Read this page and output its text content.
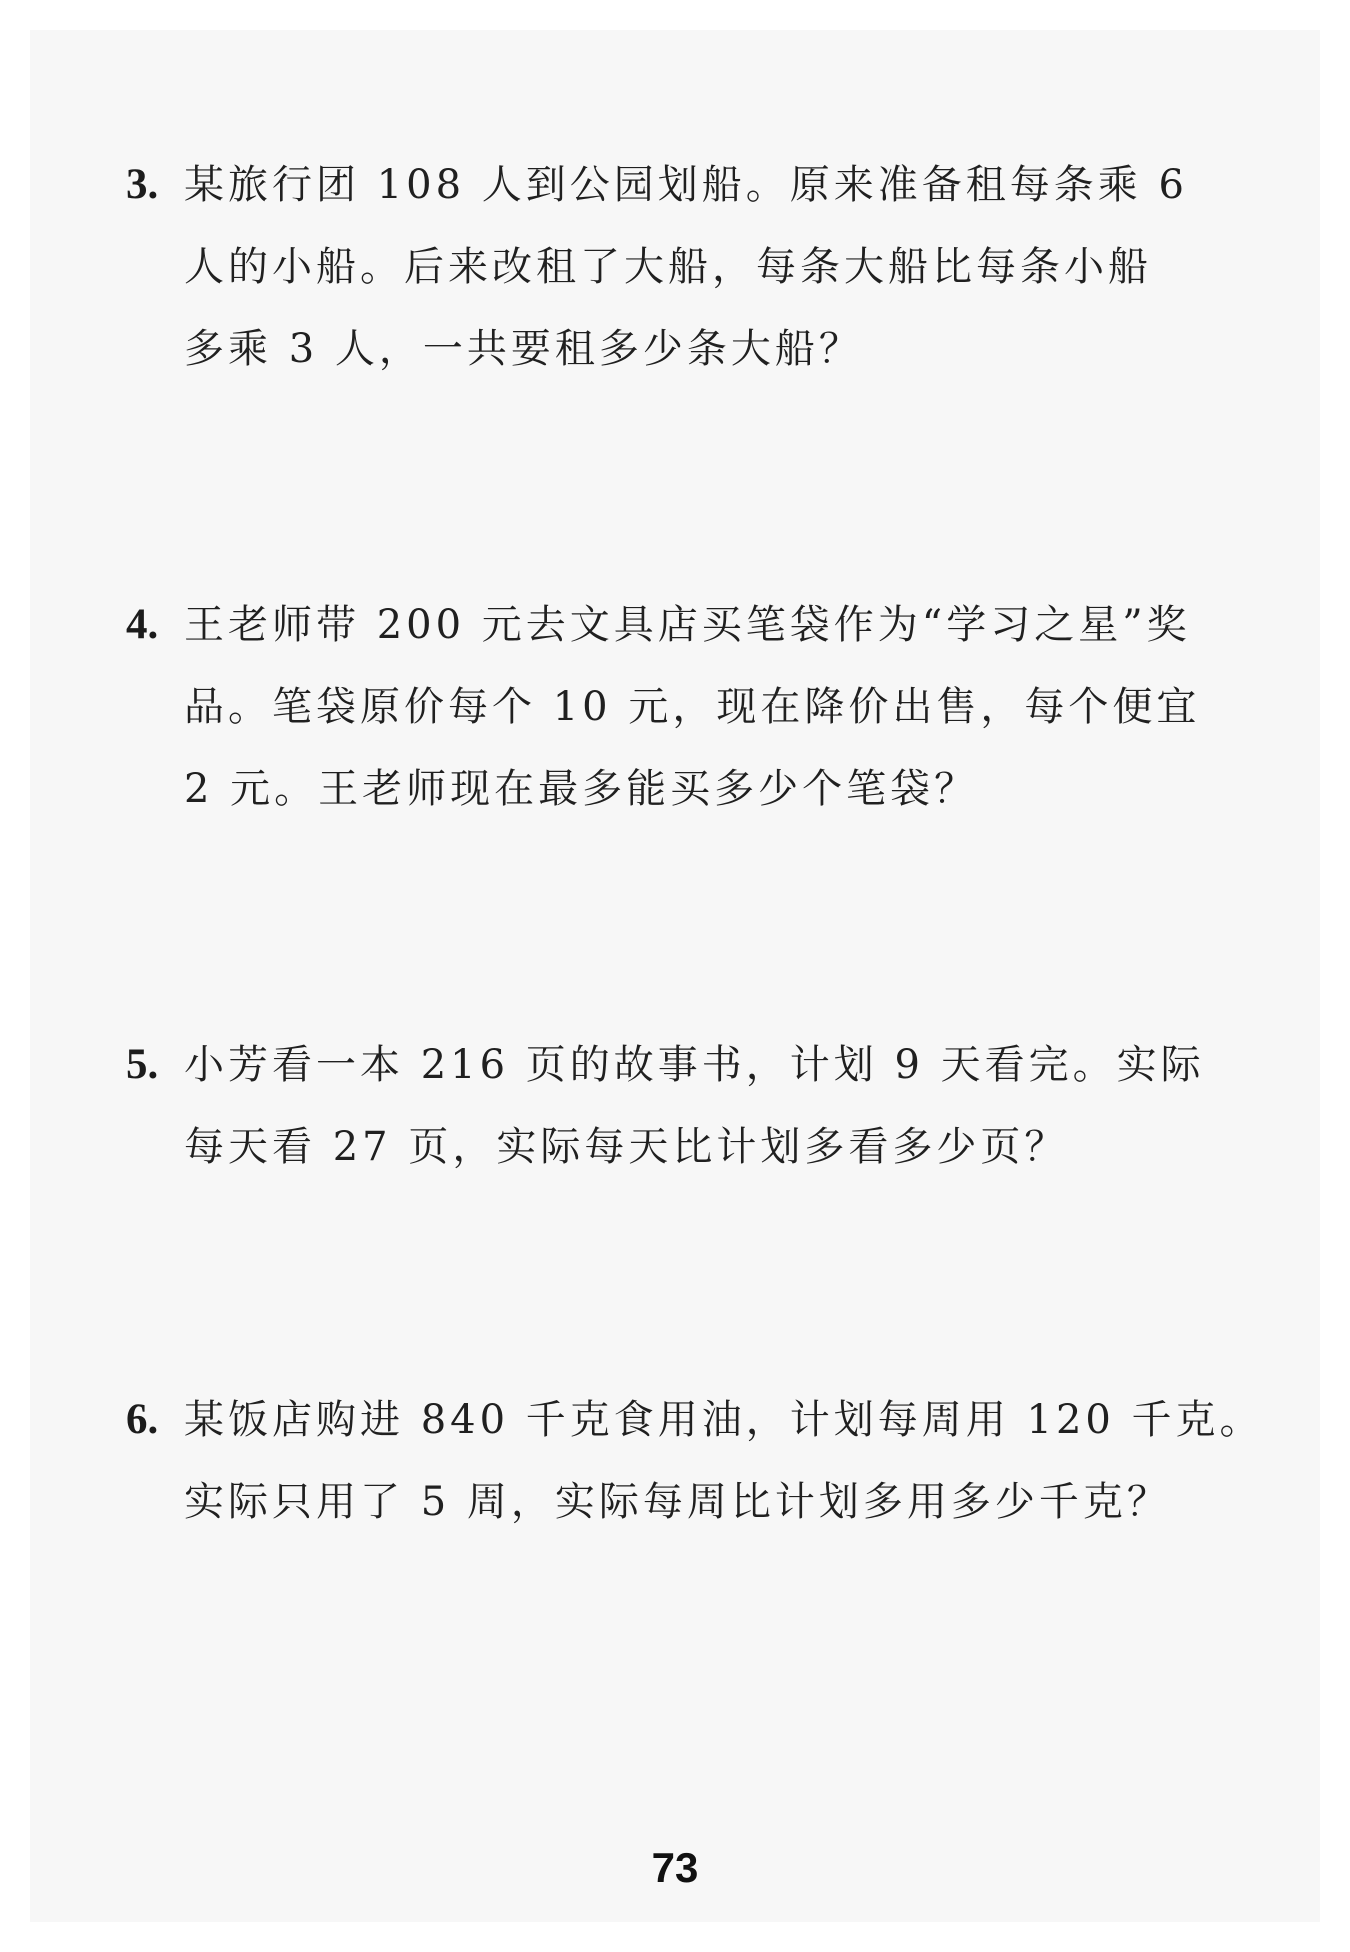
3. 某旅行团 108 人到公园划船。原来准备租每条乘 6
人的小船。后来改租了大船，每条大船比每条小船
多乘 3 人，一共要租多少条大船？
4. 王老师带 200 元去文具店买笔袋作为“学习之星”奖
品。笔袋原价每个 10 元，现在降价出售，每个便宜
2 元。王老师现在最多能买多少个笔袋？
5. 小芳看一本 216 页的故事书，计划 9 天看完。实际
每天看 27 页，实际每天比计划多看多少页？
6. 某饭店购进 840 千克食用油，计划每周用 120 千克。
实际只用了 5 周，实际每周比计划多用多少千克？
73
